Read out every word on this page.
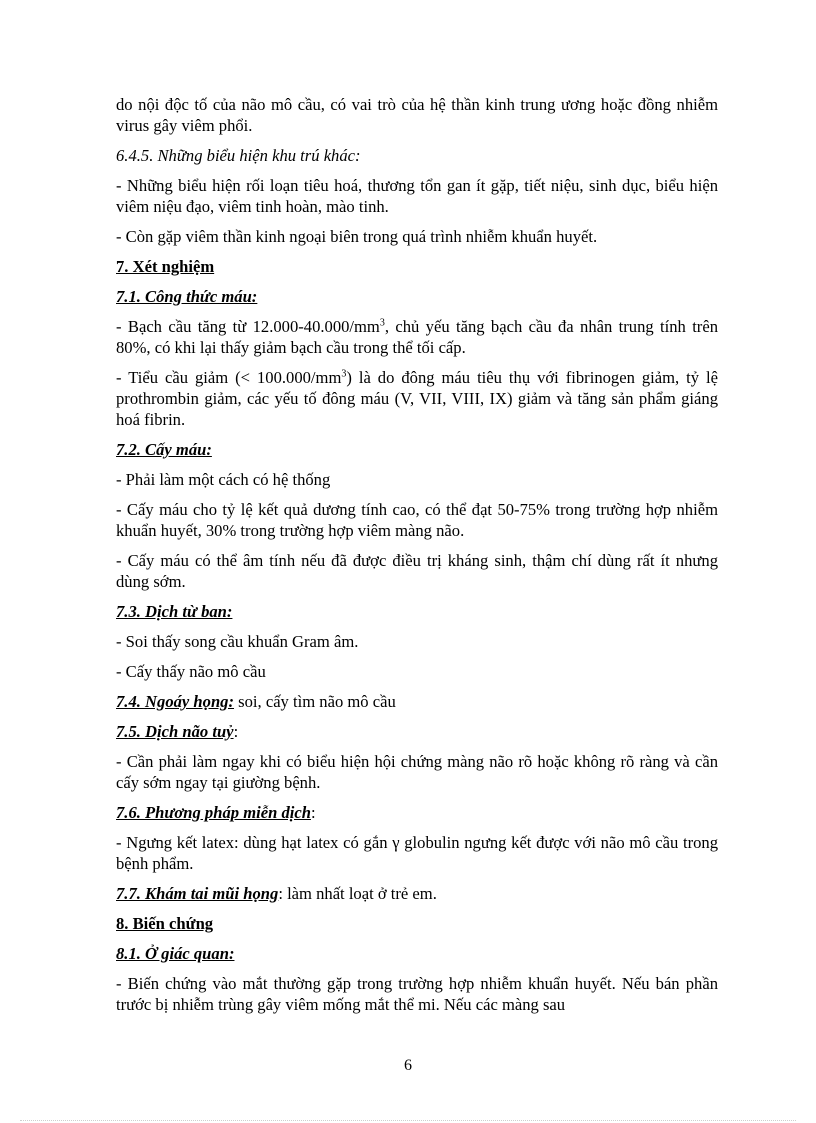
do nội độc tố của não mô cầu, có vai trò của hệ thần kinh trung ương hoặc đồng nhiễm virus gây viêm phổi.

6.4.5. Những biểu hiện khu trú khác:

- Những biểu hiện rối loạn tiêu hoá, thương tổn gan ít gặp, tiết niệu, sinh dục, biểu hiện viêm niệu đạo, viêm tinh hoàn, mào tinh.

- Còn gặp viêm thần kinh ngoại biên trong quá trình nhiễm khuẩn huyết.

7. Xét nghiệm

7.1. Công thức máu:

- Bạch cầu tăng từ $12.000-40.000/mm^3$, chủ yếu tăng bạch cầu đa nhân trung tính trên 80%, có khi lại thấy giảm bạch cầu trong thể tối cấp.

- Tiểu cầu giảm (< $100.000/mm^3$) là do đông máu tiêu thụ với fibrinogen giảm, tỷ lệ prothrombin giảm, các yếu tố đông máu (V, VII, VIII, IX) giảm và tăng sản phẩm giáng hoá fibrin.

7.2. Cấy máu:

- Phải làm một cách có hệ thống

- Cấy máu cho tỷ lệ kết quả dương tính cao, có thể đạt 50-75% trong trường hợp nhiễm khuẩn huyết, 30% trong trường hợp viêm màng não.

- Cấy máu có thể âm tính nếu đã được điều trị kháng sinh, thậm chí dùng rất ít nhưng dùng sớm.

7.3. Dịch từ ban:

- Soi thấy song cầu khuẩn Gram âm.

- Cấy thấy não mô cầu

7.4. Ngoáy họng: soi, cấy tìm não mô cầu

7.5. Dịch não tuỷ:

- Cần phải làm ngay khi có biểu hiện hội chứng màng não rõ hoặc không rõ ràng và cần cấy sớm ngay tại giường bệnh.

7.6. Phương pháp miễn dịch:

- Ngưng kết latex: dùng hạt latex có gắn γ globulin ngưng kết được với não mô cầu trong bệnh phẩm.

7.7. Khám tai mũi họng: làm nhất loạt ở trẻ em.

8. Biến chứng

8.1. Ở giác quan:

- Biến chứng vào mắt thường gặp trong trường hợp nhiễm khuẩn huyết. Nếu bán phần trước bị nhiễm trùng gây viêm mống mắt thể mi. Nếu các màng sau

6
